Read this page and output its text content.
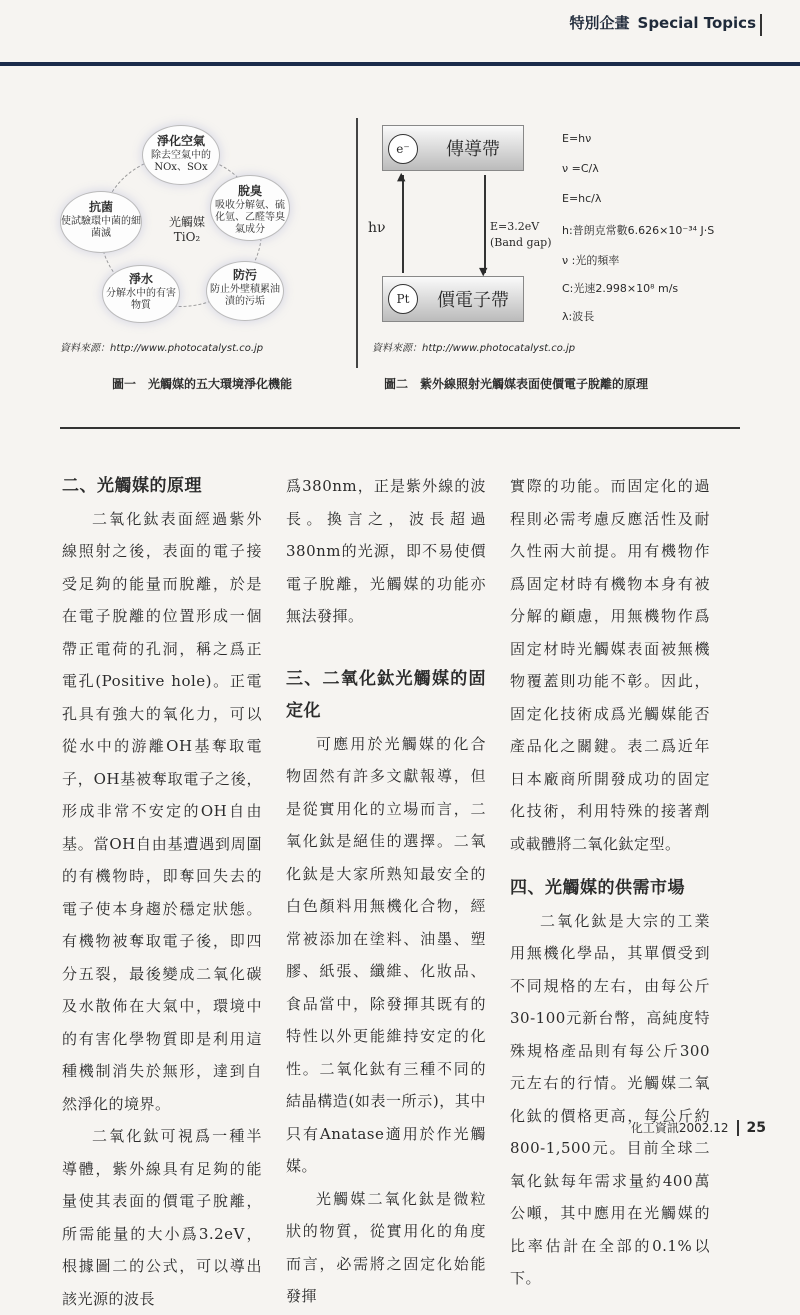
特別企畫 Special Topics
光觸媒
TiO₂
淨化空氣
除去空氣中的NOx、SOx
脫臭
吸收分解氨、硫化氫、乙醛等臭氣成分
抗菌
使試驗環中菌的細菌滅
防污
防止外壁積累油漬的污垢
淨水
分解水中的有害物質
資料來源：http://www.photocatalyst.co.jp
圖一　光觸媒的五大環境淨化機能
傳導帶
e⁻
價電子帶
Pt
▲
▼
hν	E=3.2eV
(Band gap)
E=hν
ν =C/λ
E=hc/λ
h:普朗克常數6.626×10⁻³⁴ J·S
ν :光的頻率
C:光速2.998×10⁸ m/s
λ:波長
資料來源：http://www.photocatalyst.co.jp
圖二　紫外線照射光觸媒表面使價電子脫離的原理
二、光觸媒的原理

二氧化鈦表面經過紫外線照射之後，表面的電子接受足夠的能量而脫離，於是在電子脫離的位置形成一個帶正電荷的孔洞，稱之爲正電孔(Positive hole)。正電孔具有強大的氧化力，可以從水中的游離OH基奪取電子，OH基被奪取電子之後，形成非常不安定的OH自由基。當OH自由基遭遇到周圍的有機物時，即奪回失去的電子使本身趨於穩定狀態。有機物被奪取電子後，即四分五裂，最後變成二氧化碳及水散佈在大氣中，環境中的有害化學物質即是利用這種機制消失於無形，達到自然淨化的境界。

二氧化鈦可視爲一種半導體，紫外線具有足夠的能量使其表面的價電子脫離，所需能量的大小爲3.2eV，根據圖二的公式，可以導出該光源的波長

爲380nm，正是紫外線的波長。換言之，波長超過380nm的光源，即不易使價電子脫離，光觸媒的功能亦無法發揮。

三、二氧化鈦光觸媒的固定化

可應用於光觸媒的化合物固然有許多文獻報導，但是從實用化的立場而言，二氧化鈦是絕佳的選擇。二氧化鈦是大家所熟知最安全的白色顏料用無機化合物，經常被添加在塗料、油墨、塑膠、紙張、纖維、化妝品、食品當中，除發揮其既有的特性以外更能維持安定的化性。二氧化鈦有三種不同的結晶構造(如表一所示)，其中只有Anatase適用於作光觸媒。

光觸媒二氧化鈦是微粒狀的物質，從實用化的角度而言，必需將之固定化始能發揮

實際的功能。而固定化的過程則必需考慮反應活性及耐久性兩大前提。用有機物作爲固定材時有機物本身有被分解的顧慮，用無機物作爲固定材時光觸媒表面被無機物覆蓋則功能不彰。因此，固定化技術成爲光觸媒能否產品化之關鍵。表二爲近年日本廠商所開發成功的固定化技術，利用特殊的接著劑或載體將二氧化鈦定型。

四、光觸媒的供需市場

二氧化鈦是大宗的工業用無機化學品，其單價受到不同規格的左右，由每公斤30-100元新台幣，高純度特殊規格產品則有每公斤300元左右的行情。光觸媒二氧化鈦的價格更高，每公斤約800-1,500元。目前全球二氧化鈦每年需求量約400萬公噸，其中應用在光觸媒的比率估計在全部的0.1%以下。

化工資訊2002.12	25
